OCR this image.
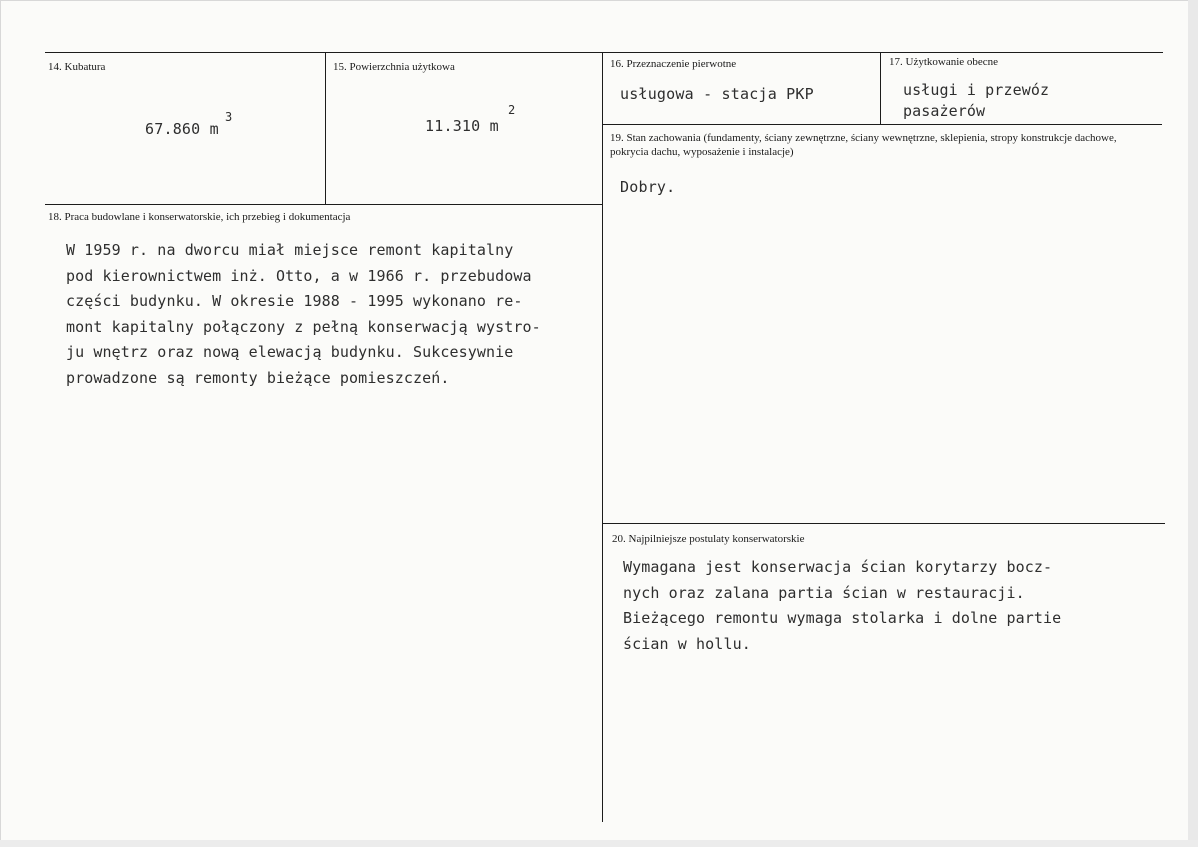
14. Kubatura
67.860 m
3
15. Powierzchnia użytkowa
11.310 m
2
16. Przeznaczenie pierwotne
usługowa - stacja PKP
17. Użytkowanie obecne
usługi i przewóz
pasażerów
19. Stan zachowania (fundamenty, ściany zewnętrzne, ściany wewnętrzne, sklepienia, stropy konstrukcje dachowe, pokrycia dachu, wyposażenie i instalacje)
Dobry.
18. Praca budowlane i konserwatorskie, ich przebieg i dokumentacja
W 1959 r. na dworcu miał miejsce remont kapitalny
pod kierownictwem inż. Otto, a w 1966 r. przebudowa
części budynku. W okresie 1988 - 1995 wykonano re-
mont kapitalny połączony z pełną konserwacją wystro-
ju wnętrz oraz nową elewacją budynku. Sukcesywnie
prowadzone są remonty bieżące pomieszczeń.
20. Najpilniejsze postulaty konserwatorskie
Wymagana jest konserwacja ścian korytarzy bocz-
nych oraz zalana partia ścian w restauracji.
Bieżącego remontu wymaga stolarka i dolne partie
ścian w hollu.
